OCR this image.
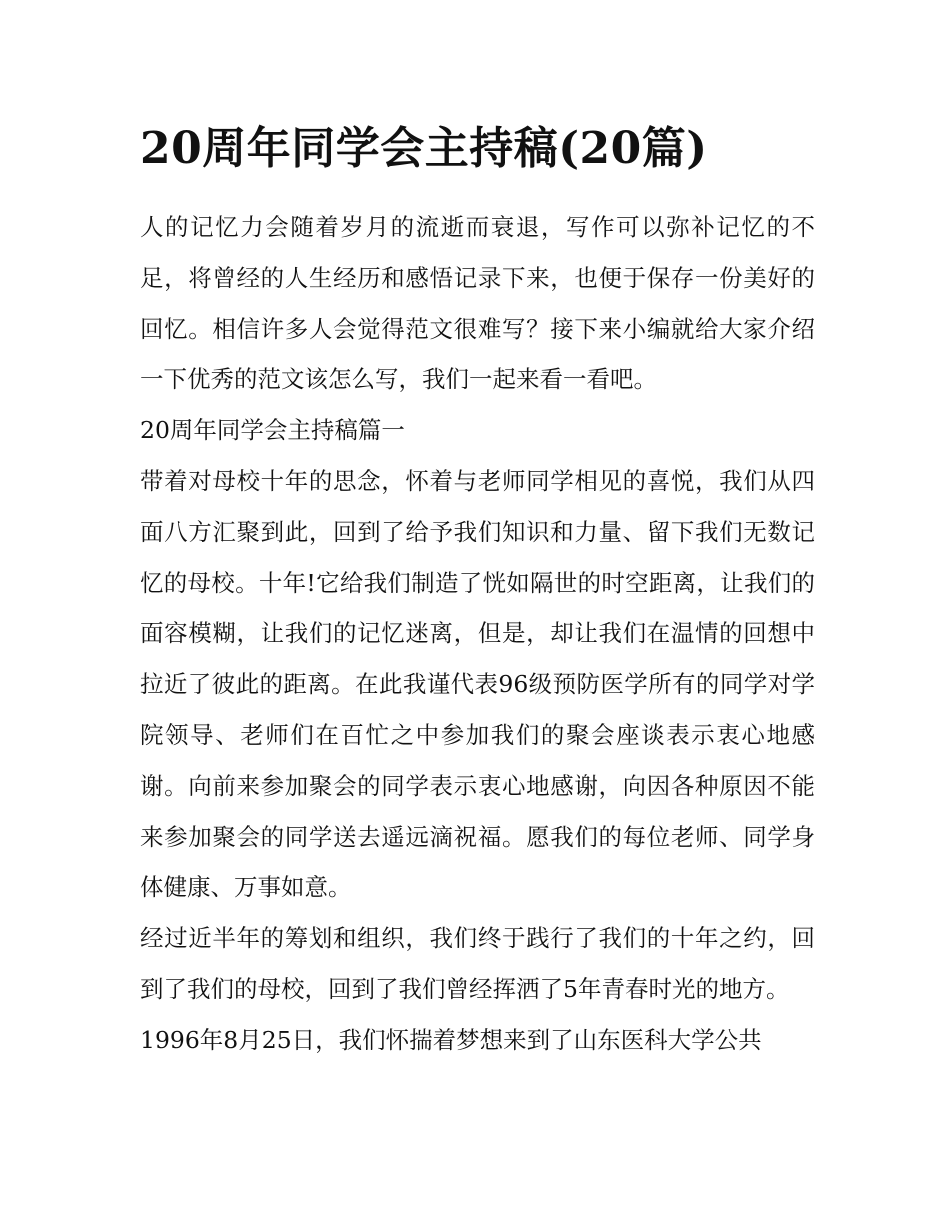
20周年同学会主持稿(20篇)

人的记忆力会随着岁月的流逝而衰退，写作可以弥补记忆的不足，将曾经的人生经历和感悟记录下来，也便于保存一份美好的回忆。相信许多人会觉得范文很难写？接下来小编就给大家介绍一下优秀的范文该怎么写，我们一起来看一看吧。

20周年同学会主持稿篇一

带着对母校十年的思念，怀着与老师同学相见的喜悦，我们从四面八方汇聚到此，回到了给予我们知识和力量、留下我们无数记忆的母校。十年!它给我们制造了恍如隔世的时空距离，让我们的面容模糊，让我们的记忆迷离，但是，却让我们在温情的回想中拉近了彼此的距离。在此我谨代表96级预防医学所有的同学对学院领导、老师们在百忙之中参加我们的聚会座谈表示衷心地感谢。向前来参加聚会的同学表示衷心地感谢，向因各种原因不能来参加聚会的同学送去遥远滴祝福。愿我们的每位老师、同学身体健康、万事如意。

经过近半年的筹划和组织，我们终于践行了我们的十年之约，回到了我们的母校，回到了我们曾经挥洒了5年青春时光的地方。

1996年8月25日，我们怀揣着梦想来到了山东医科大学公共
